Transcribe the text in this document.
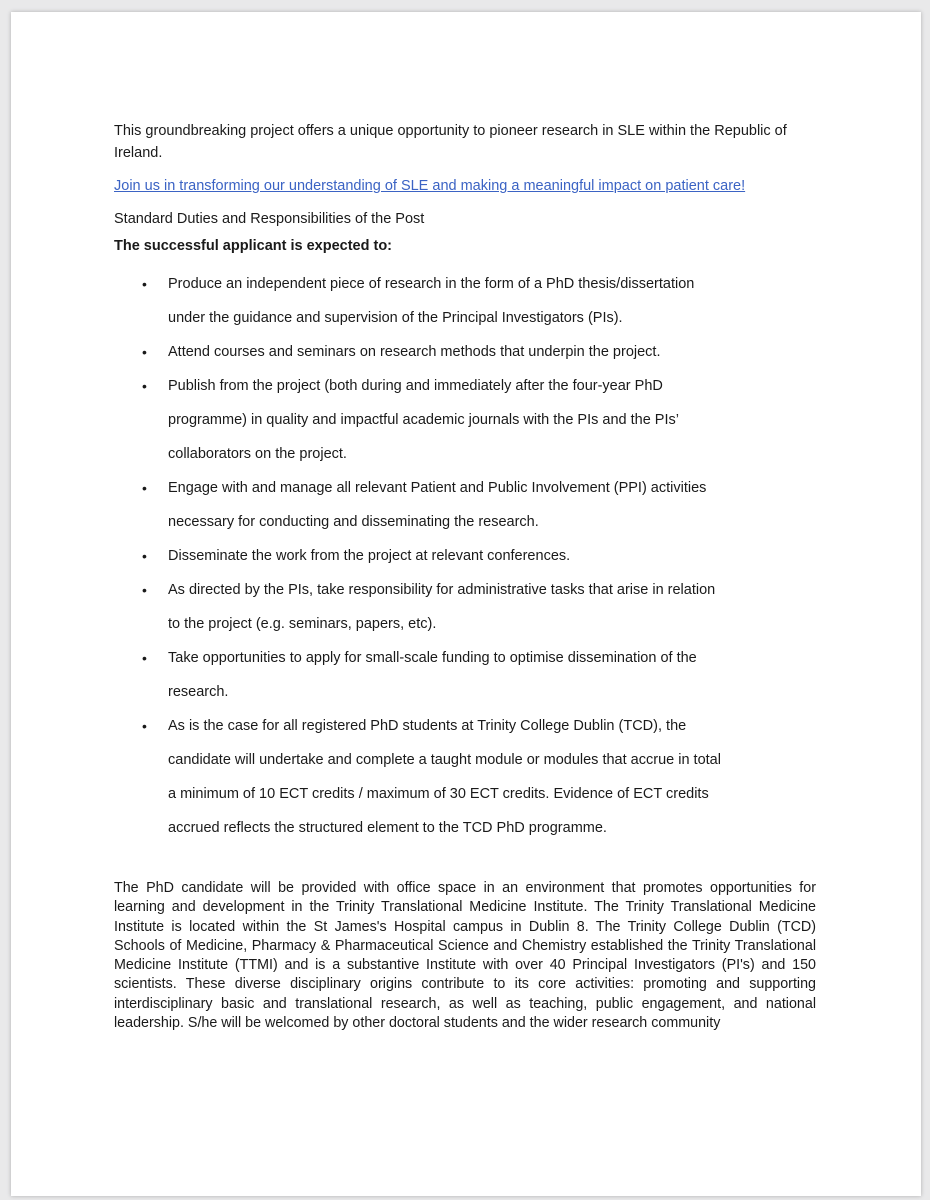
This groundbreaking project offers a unique opportunity to pioneer research in SLE within the Republic of Ireland.

Join us in transforming our understanding of SLE and making a meaningful impact on patient care!

Standard Duties and Responsibilities of the Post

The successful applicant is expected to:

• Produce an independent piece of research in the form of a PhD thesis/dissertation under the guidance and supervision of the Principal Investigators (PIs).
• Attend courses and seminars on research methods that underpin the project.
• Publish from the project (both during and immediately after the four-year PhD programme) in quality and impactful academic journals with the PIs and the PIs’ collaborators on the project.
• Engage with and manage all relevant Patient and Public Involvement (PPI) activities necessary for conducting and disseminating the research.
• Disseminate the work from the project at relevant conferences.
• As directed by the PIs, take responsibility for administrative tasks that arise in relation to the project (e.g. seminars, papers, etc).
• Take opportunities to apply for small-scale funding to optimise dissemination of the research.
• As is the case for all registered PhD students at Trinity College Dublin (TCD), the candidate will undertake and complete a taught module or modules that accrue in total a minimum of 10 ECT credits / maximum of 30 ECT credits. Evidence of ECT credits accrued reflects the structured element to the TCD PhD programme.

The PhD candidate will be provided with office space in an environment that promotes opportunities for learning and development in the Trinity Translational Medicine Institute. The Trinity Translational Medicine Institute is located within the St James's Hospital campus in Dublin 8. The Trinity College Dublin (TCD) Schools of Medicine, Pharmacy & Pharmaceutical Science and Chemistry established the Trinity Translational Medicine Institute (TTMI) and is a substantive Institute with over 40 Principal Investigators (PI's) and 150 scientists. These diverse disciplinary origins contribute to its core activities: promoting and supporting interdisciplinary basic and translational research, as well as teaching, public engagement, and national leadership. S/he will be welcomed by other doctoral students and the wider research community
